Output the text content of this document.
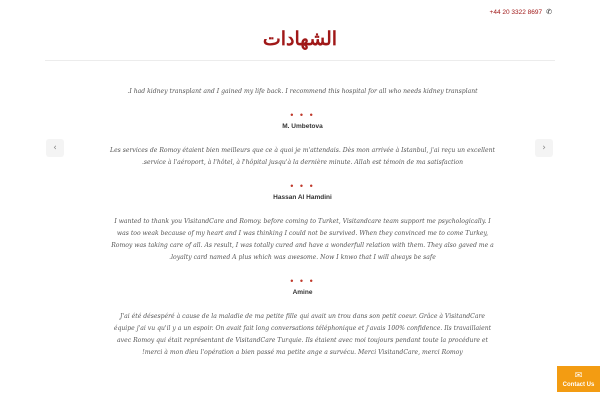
+44 20 3322 8697 ✆
الشهادات
‹	›

I had kidney transplant and I gained my life back. I recommend this hospital for all who needs kidney transplant.

• • •
M. Umbetova

Les services de Romoy étaient bien meilleurs que ce à quoi je m'attendais. Dès mon arrivée à Istanbul, j'ai reçu un excellent service à l'aéroport, à l'hôtel, à l'hôpital jusqu'à la dernière minute. Allah est témoin de ma satisfaction.

• • •
Hassan Al Hamdini

I wanted to thank you VisitandCare and Romoy. before coming to Turket, Visitandcare team support me psychologically. I was too weak because of my heart and I was thinking I could not be survived. When they convinced me to come Turkey, Romoy was taking care of all. As result, I was totally cured and have a wonderfull relation with them. They also gaved me a loyalty card named A plus which was awesome. Now I knwo that I will always be safe.

• • •
Amine

J'ai été désespéré à cause de la maladie de ma petite fille qui avait un trou dans son petit coeur. Grâce à VisitandCare équipe j'ai vu qu'il y a un espoir. On avait fait long conversations téléphonique et j'avais 100% confidence. Ils travaillaient avec Romoy qui était représentant de VisitandCare Turquie. Ils étaient avec moi toujours pendant toute la procédure et merci à mon dieu l'opération a bien passé ma petite ange a survécu. Merci VisitandCare, merci Romoy!

✉
Contact Us
